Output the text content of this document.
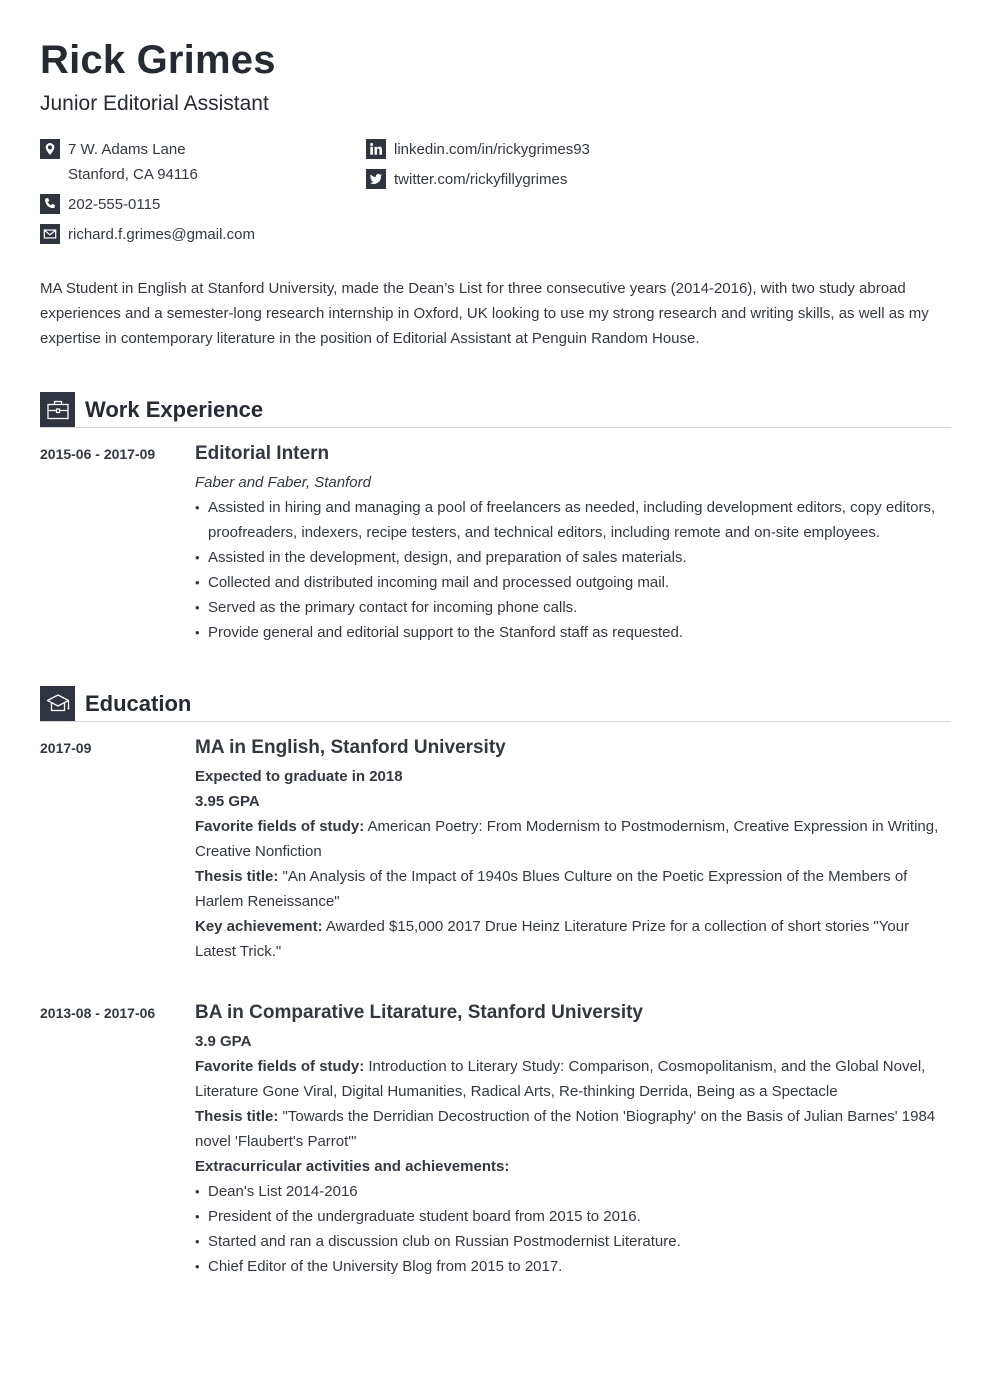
Rick Grimes
Junior Editorial Assistant
7 W. Adams Lane
Stanford, CA 94116
202-555-0115
richard.f.grimes@gmail.com
linkedin.com/in/rickygrimes93
twitter.com/rickyfillygrimes
MA Student in English at Stanford University, made the Dean’s List for three consecutive years (2014-2016), with two study abroad experiences and a semester-long research internship in Oxford, UK looking to use my strong research and writing skills, as well as my expertise in contemporary literature in the position of Editorial Assistant at Penguin Random House.
Work Experience
2015-06 - 2017-09 Editorial Intern
Faber and Faber, Stanford
• Assisted in hiring and managing a pool of freelancers as needed, including development editors, copy editors, proofreaders, indexers, recipe testers, and technical editors, including remote and on-site employees.
• Assisted in the development, design, and preparation of sales materials.
• Collected and distributed incoming mail and processed outgoing mail.
• Served as the primary contact for incoming phone calls.
• Provide general and editorial support to the Stanford staff as requested.
Education
2017-09	MA in English, Stanford University
Expected to graduate in 2018
3.95 GPA
Favorite fields of study: American Poetry: From Modernism to Postmodernism, Creative Expression in Writing, Creative Nonfiction
Thesis title: "An Analysis of the Impact of 1940s Blues Culture on the Poetic Expression of the Members of Harlem Reneissance"
Key achievement: Awarded $15,000 2017 Drue Heinz Literature Prize for a collection of short stories "Your Latest Trick."
2013-08 - 2017-06 BA in Comparative Litarature, Stanford University
3.9 GPA
Favorite fields of study: Introduction to Literary Study: Comparison, Cosmopolitanism, and the Global Novel, Literature Gone Viral, Digital Humanities, Radical Arts, Re-thinking Derrida, Being as a Spectacle
Thesis title: "Towards the Derridian Decostruction of the Notion 'Biography' on the Basis of Julian Barnes' 1984 novel 'Flaubert's Parrot'"
Extracurricular activities and achievements:
• Dean's List 2014-2016
• President of the undergraduate student board from 2015 to 2016.
• Started and ran a discussion club on Russian Postmodernist Literature.
• Chief Editor of the University Blog from 2015 to 2017.
